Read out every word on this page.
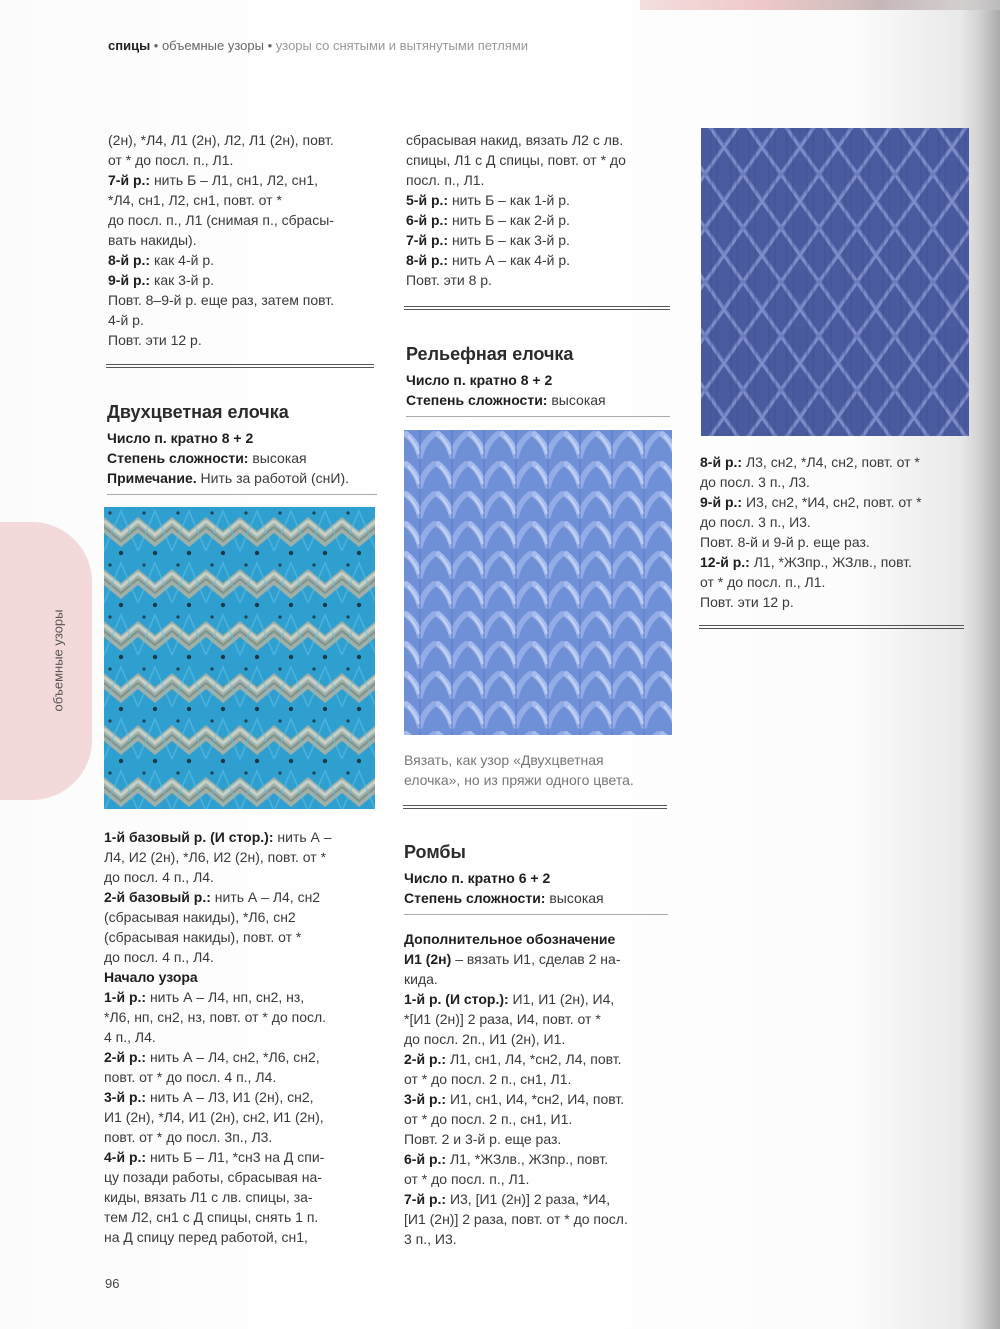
спицы • объемные узоры • узоры со снятыми и вытянутыми петлями
объемные узоры

(2н), *Л4, Л1 (2н), Л2, Л1 (2н), повт.

от * до посл. п., Л1.

7-й р.: нить Б – Л1, сн1, Л2, сн1,

*Л4, сн1, Л2, сн1, повт. от *

до посл. п., Л1 (снимая п., сбрасы-

вать накиды).

8-й р.: как 4-й р.

9-й р.: как 3-й р.

Повт. 8–9-й р. еще раз, затем повт.

4-й р.

Повт. эти 12 р.

Двухцветная елочка

Число п. кратно 8 + 2

Степень сложности: высокая

Примечание. Нить за работой (снИ).

1-й базовый р. (И стор.): нить А –

Л4, И2 (2н), *Л6, И2 (2н), повт. от *

до посл. 4 п., Л4.

2-й базовый р.: нить А – Л4, сн2

(сбрасывая накиды), *Л6, сн2

(сбрасывая накиды), повт. от *

до посл. 4 п., Л4.

Начало узора

1-й р.: нить А – Л4, нп, сн2, нз,

*Л6, нп, сн2, нз, повт. от * до посл.

4 п., Л4.

2-й р.: нить А – Л4, сн2, *Л6, сн2,

повт. от * до посл. 4 п., Л4.

3-й р.: нить А – Л3, И1 (2н), сн2,

И1 (2н), *Л4, И1 (2н), сн2, И1 (2н),

повт. от * до посл. 3п., Л3.

4-й р.: нить Б – Л1, *сн3 на Д спи-

цу позади работы, сбрасывая на-

киды, вязать Л1 с лв. спицы, за-

тем Л2, сн1 с Д спицы, снять 1 п.

на Д спицу перед работой, сн1,

96

сбрасывая накид, вязать Л2 с лв.

спицы, Л1 с Д спицы, повт. от * до

посл. п., Л1.

5-й р.: нить Б – как 1-й р.

6-й р.: нить Б – как 2-й р.

7-й р.: нить Б – как 3-й р.

8-й р.: нить А – как 4-й р.

Повт. эти 8 р.

Рельефная елочка

Число п. кратно 8 + 2

Степень сложности: высокая

Вязать, как узор «Двухцветная

елочка», но из пряжи одного цвета.

Ромбы

Число п. кратно 6 + 2

Степень сложности: высокая

Дополнительное обозначение

И1 (2н) – вязать И1, сделав 2 на-

кида.

1-й р. (И стор.): И1, И1 (2н), И4,

*[И1 (2н)] 2 раза, И4, повт. от *

до посл. 2п., И1 (2н), И1.

2-й р.: Л1, сн1, Л4, *сн2, Л4, повт.

от * до посл. 2 п., сн1, Л1.

3-й р.: И1, сн1, И4, *сн2, И4, повт.

от * до посл. 2 п., сн1, И1.

Повт. 2 и 3-й р. еще раз.

6-й р.: Л1, *ЖЗлв., ЖЗпр., повт.

от * до посл. п., Л1.

7-й р.: И3, [И1 (2н)] 2 раза, *И4,

[И1 (2н)] 2 раза, повт. от * до посл.

3 п., И3.

8-й р.: Л3, сн2, *Л4, сн2, повт. от *

до посл. 3 п., Л3.

9-й р.: И3, сн2, *И4, сн2, повт. от *

до посл. 3 п., И3.

Повт. 8-й и 9-й р. еще раз.

12-й р.: Л1, *ЖЗпр., ЖЗлв., повт.

от * до посл. п., Л1.

Повт. эти 12 р.
